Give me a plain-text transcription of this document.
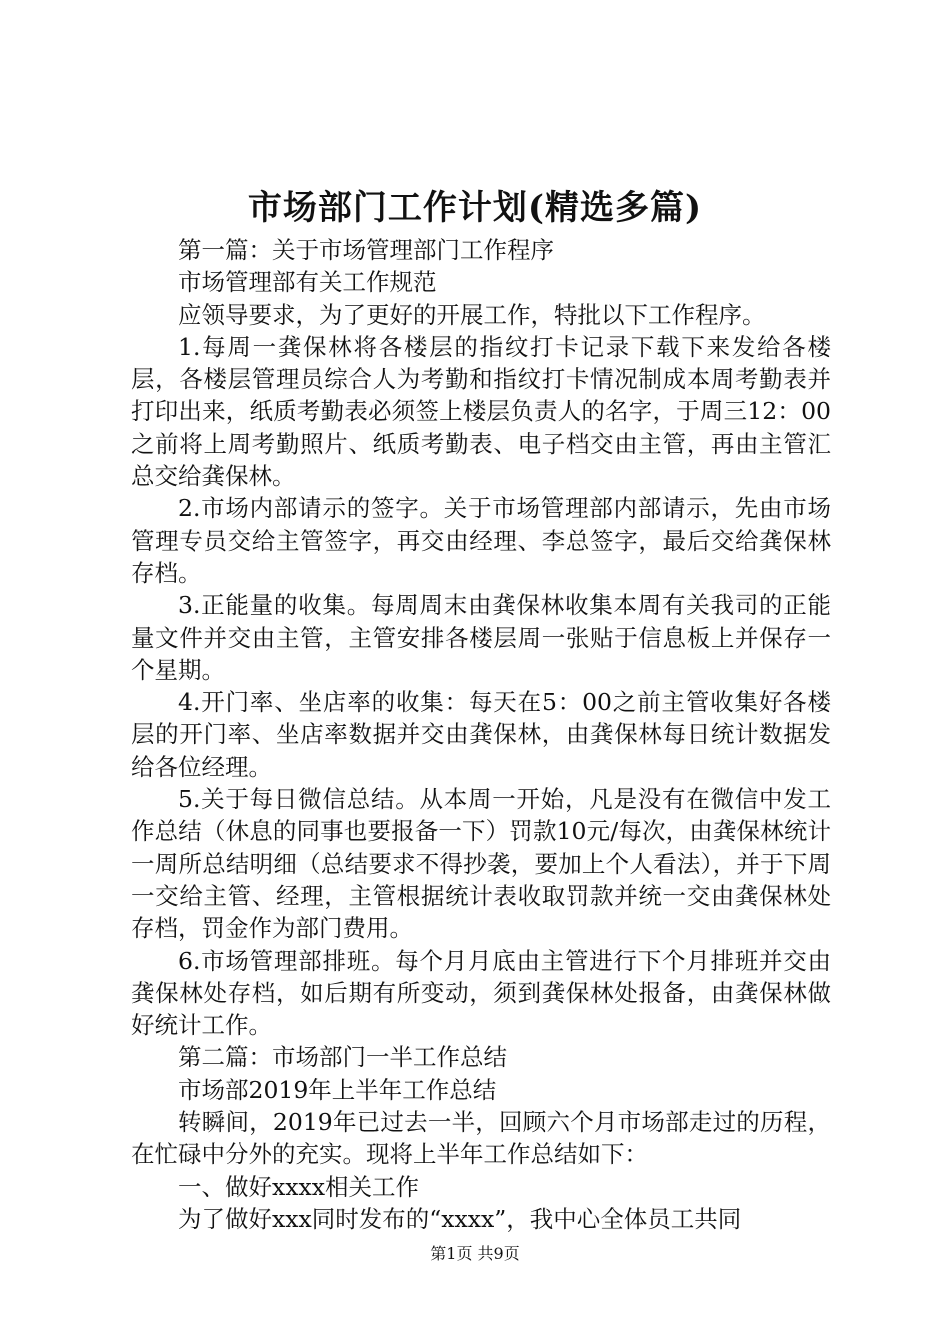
市场部门工作计划(精选多篇)

第一篇：关于市场管理部门工作程序

市场管理部有关工作规范

应领导要求，为了更好的开展工作，特批以下工作程序。

1.每周一龚保林将各楼层的指纹打卡记录下载下来发给各楼层，各楼层管理员综合人为考勤和指纹打卡情况制成本周考勤表并打印出来，纸质考勤表必须签上楼层负责人的名字，于周三12：00之前将上周考勤照片、纸质考勤表、电子档交由主管，再由主管汇总交给龚保林。

2.市场内部请示的签字。关于市场管理部内部请示，先由市场管理专员交给主管签字，再交由经理、李总签字，最后交给龚保林存档。

3.正能量的收集。每周周末由龚保林收集本周有关我司的正能量文件并交由主管，主管安排各楼层周一张贴于信息板上并保存一个星期。

4.开门率、坐店率的收集：每天在5：00之前主管收集好各楼层的开门率、坐店率数据并交由龚保林，由龚保林每日统计数据发给各位经理。

5.关于每日微信总结。从本周一开始，凡是没有在微信中发工作总结（休息的同事也要报备一下）罚款10元/每次，由龚保林统计一周所总结明细（总结要求不得抄袭，要加上个人看法），并于下周一交给主管、经理，主管根据统计表收取罚款并统一交由龚保林处存档，罚金作为部门费用。

6.市场管理部排班。每个月月底由主管进行下个月排班并交由龚保林处存档，如后期有所变动，须到龚保林处报备，由龚保林做好统计工作。

第二篇：市场部门一半工作总结

市场部2019年上半年工作总结

转瞬间，2019年已过去一半，回顾六个月市场部走过的历程，在忙碌中分外的充实。现将上半年工作总结如下：

一、做好xxxx相关工作

为了做好xxx同时发布的“xxxx”，我中心全体员工共同

第1页 共9页
